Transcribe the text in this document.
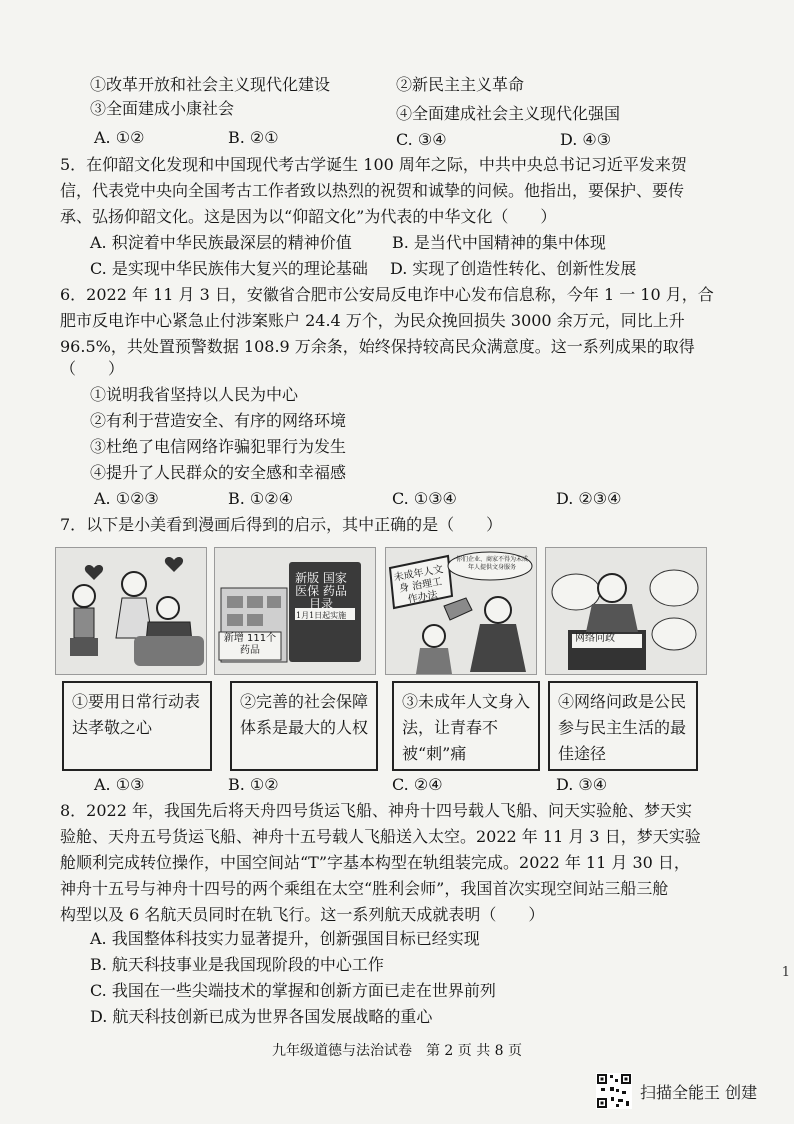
①改革开放和社会主义现代化建设	②新民主主义革命
③全面建成小康社会	④全面建成社会主义现代化强国
A. ①②	B. ②①	C. ③④	D. ④③
5．在仰韶文化发现和中国现代考古学诞生 100 周年之际，中共中央总书记习近平发来贺
信，代表党中央向全国考古工作者致以热烈的祝贺和诚挚的问候。他指出，要保护、要传
承、弘扬仰韶文化。这是因为以“仰韶文化”为代表的中华文化（　　）
A. 积淀着中华民族最深层的精神价值	B. 是当代中国精神的集中体现
C. 是实现中华民族伟大复兴的理论基础 D. 实现了创造性转化、创新性发展
6．2022 年 11 月 3 日，安徽省合肥市公安局反电诈中心发布信息称，今年 1 一 10 月，合
肥市反电诈中心紧急止付涉案账户 24.4 万个，为民众挽回损失 3000 余万元，同比上升
96.5%，共处置预警数据 108.9 万余条，始终保持较高民众满意度。这一系列成果的取得
（　　）
①说明我省坚持以人民为中心
②有利于营造安全、有序的网络环境
③杜绝了电信网络诈骗犯罪行为发生
④提升了人民群众的安全感和幸福感
A. ①②③	B. ①②④	C. ①③④	D. ②③④
7．以下是小美看到漫画后得到的启示，其中正确的是（　　）
新版 国家医保 药品目录
1月1日起实施
新增 111个药品
未成年人文身 治理工作办法
你们企业、商家不得为未成年人提供文身服务
网络问政
①要用日常行动表达孝敬之心
②完善的社会保障体系是最大的人权
③未成年人文身入法，让青春不被“刺”痛
④网络问政是公民参与民主生活的最佳途径
A. ①③	B. ①②	C. ②④	D. ③④
8．2022 年，我国先后将天舟四号货运飞船、神舟十四号载人飞船、问天实验舱、梦天实
验舱、天舟五号货运飞船、神舟十五号载人飞船送入太空。2022 年 11 月 3 日，梦天实验
舱顺利完成转位操作，中国空间站“T”字基本构型在轨组装完成。2022 年 11 月 30 日，
神舟十五号与神舟十四号的两个乘组在太空“胜利会师”，我国首次实现空间站三船三舱
构型以及 6 名航天员同时在轨飞行。这一系列航天成就表明（　　）
A. 我国整体科技实力显著提升，创新强国目标已经实现
B. 航天科技事业是我国现阶段的中心工作
C. 我国在一些尖端技术的掌握和创新方面已走在世界前列
D. 航天科技创新已成为世界各国发展战略的重心
九年级道德与法治试卷　第 2 页 共 8 页
扫描全能王 创建
1
